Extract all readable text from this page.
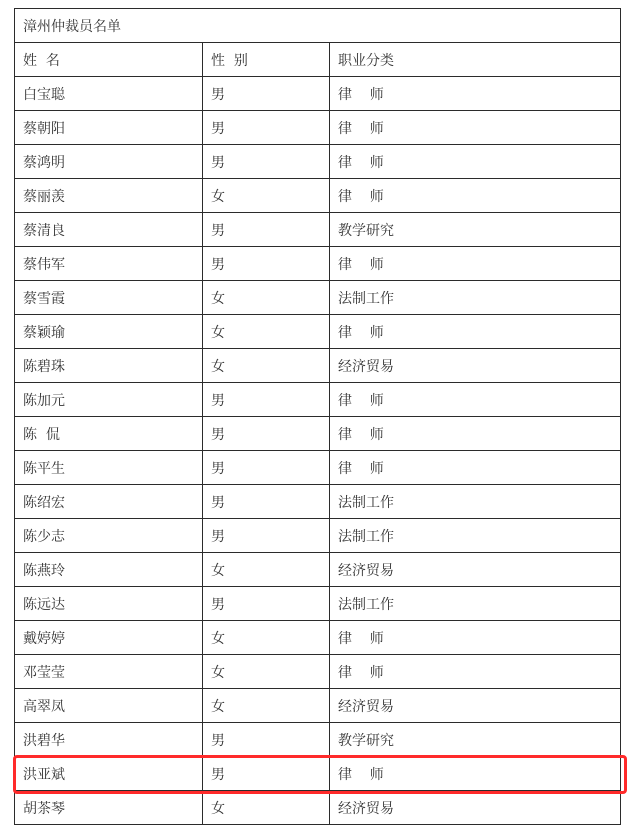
漳州仲裁员名单		
姓  名	性  别	职业分类
白宝聪	男	律    师
蔡朝阳	男	律    师
蔡鸿明	男	律    师
蔡丽羡	女	律    师
蔡清良	男	教学研究
蔡伟军	男	律    师
蔡雪霞	女	法制工作
蔡颖瑜	女	律    师
陈碧珠	女	经济贸易
陈加元	男	律    师
陈  侃	男	律    师
陈平生	男	律    师
陈绍宏	男	法制工作
陈少志	男	法制工作
陈燕玲	女	经济贸易
陈远达	男	法制工作
戴婷婷	女	律    师
邓莹莹	女	律    师
高翠凤	女	经济贸易
洪碧华	男	教学研究
洪亚斌	男	律    师
胡茶琴	女	经济贸易
